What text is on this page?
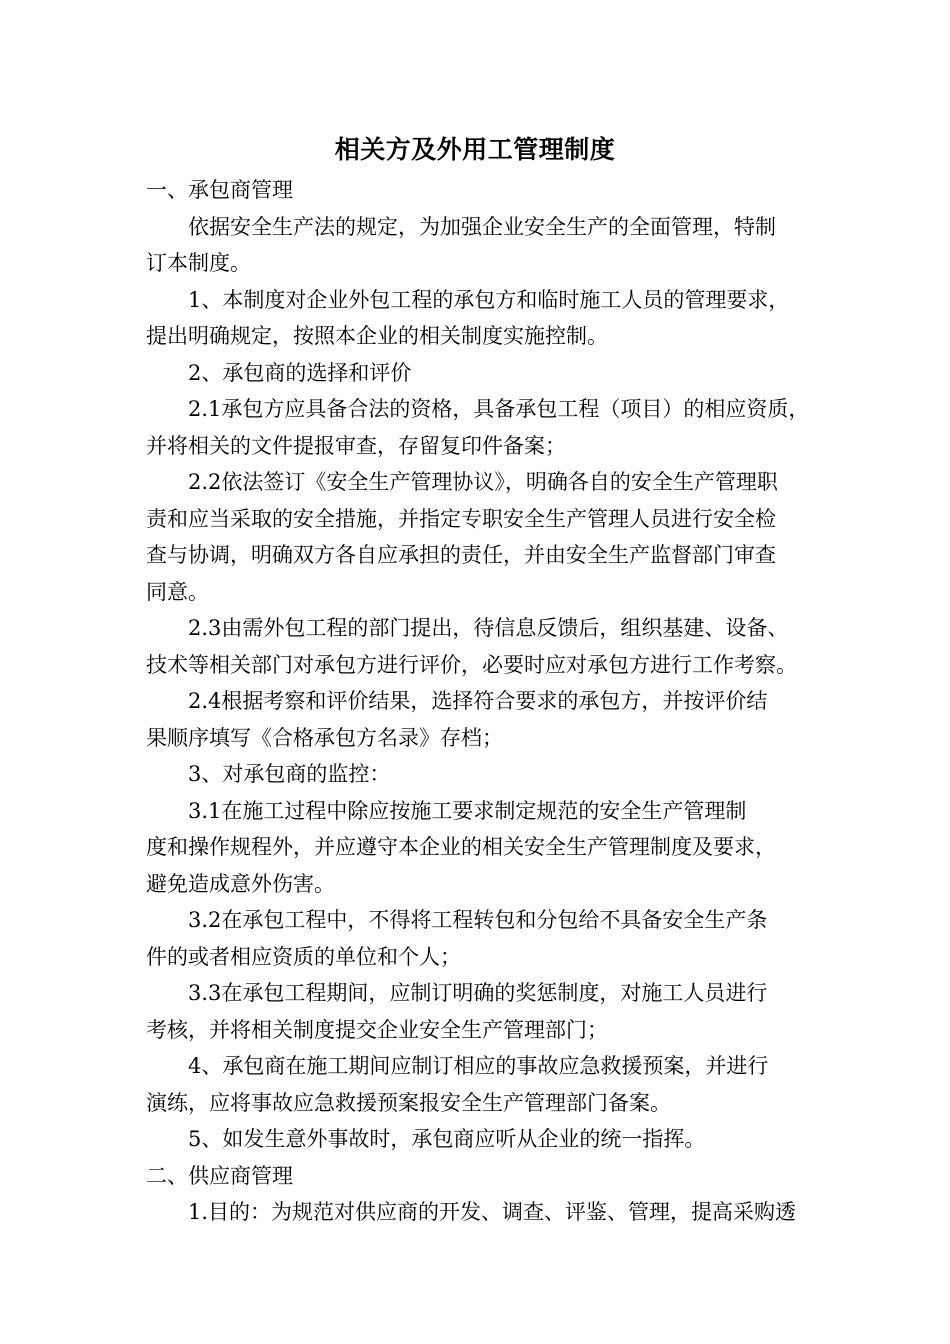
相关方及外用工管理制度

一、承包商管理

依据安全生产法的规定，为加强企业安全生产的全面管理，特制

订本制度。

1、本制度对企业外包工程的承包方和临时施工人员的管理要求，

提出明确规定，按照本企业的相关制度实施控制。

2、承包商的选择和评价

2.1承包方应具备合法的资格，具备承包工程（项目）的相应资质，

并将相关的文件提报审查，存留复印件备案；

2.2依法签订《安全生产管理协议》，明确各自的安全生产管理职

责和应当采取的安全措施，并指定专职安全生产管理人员进行安全检

查与协调，明确双方各自应承担的责任，并由安全生产监督部门审查

同意。

2.3由需外包工程的部门提出，待信息反馈后，组织基建、设备、

技术等相关部门对承包方进行评价，必要时应对承包方进行工作考察。

2.4根据考察和评价结果，选择符合要求的承包方，并按评价结

果顺序填写《合格承包方名录》存档；

3、对承包商的监控：

3.1在施工过程中除应按施工要求制定规范的安全生产管理制

度和操作规程外，并应遵守本企业的相关安全生产管理制度及要求，

避免造成意外伤害。

3.2在承包工程中，不得将工程转包和分包给不具备安全生产条

件的或者相应资质的单位和个人；

3.3在承包工程期间，应制订明确的奖惩制度，对施工人员进行

考核，并将相关制度提交企业安全生产管理部门；

4、承包商在施工期间应制订相应的事故应急救援预案，并进行

演练，应将事故应急救援预案报安全生产管理部门备案。

5、如发生意外事故时，承包商应听从企业的统一指挥。

二、供应商管理

1.目的：为规范对供应商的开发、调查、评鉴、管理，提高采购透
